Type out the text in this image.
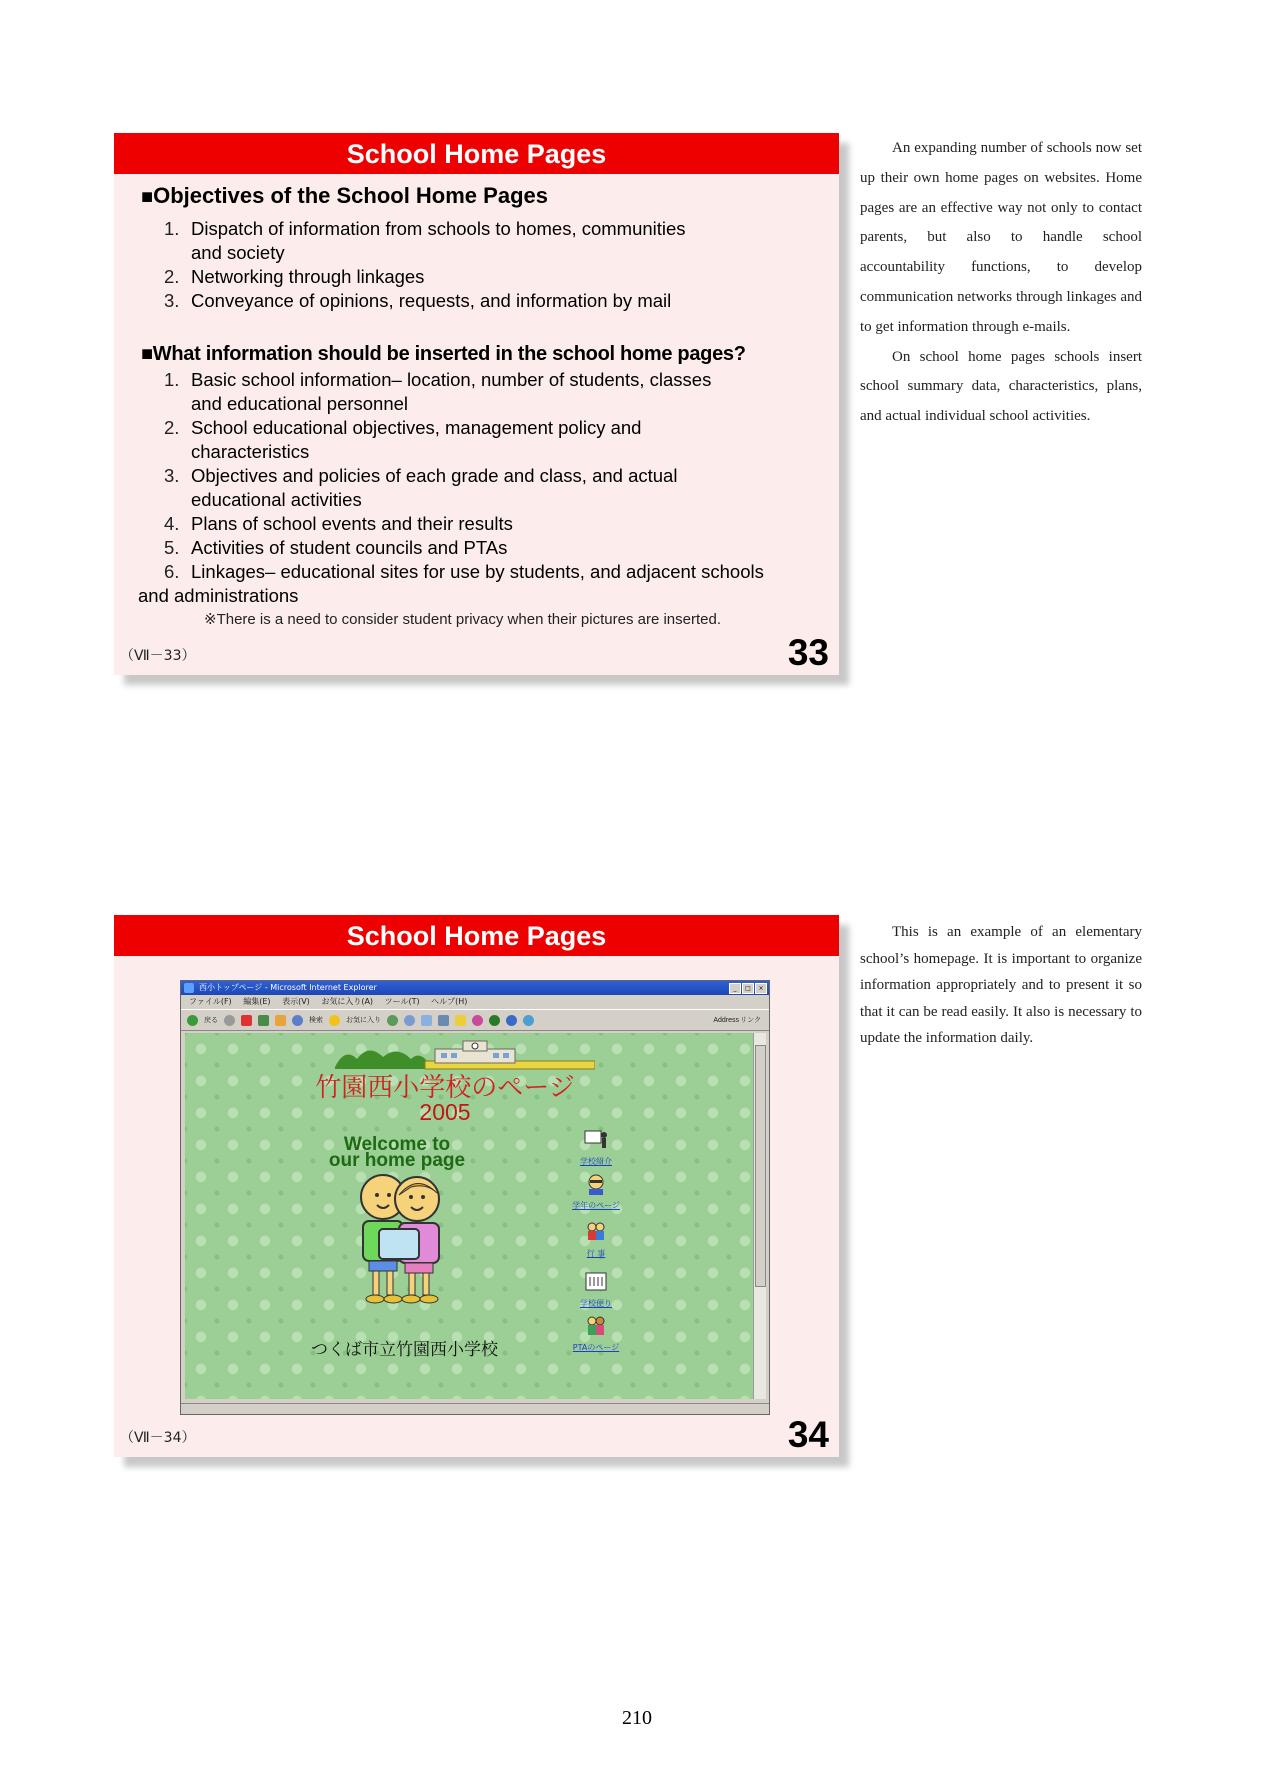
School Home Pages
■Objectives of the School Home Pages
1. Dispatch of information from schools to homes, communities
and society
2. Networking through linkages
3. Conveyance of opinions, requests, and information by mail
■What information should be inserted in the school home pages?
1. Basic school information– location, number of students, classes
and educational personnel
2. School educational objectives, management policy and
characteristics
3. Objectives and policies of each grade and class, and actual
educational activities
4. Plans of school events and their results
5. Activities of student councils and PTAs
6. Linkages– educational sites for use by students, and adjacent schools
and administrations
※There is a need to consider student privacy when their pictures are inserted.
（Ⅶ－33）	33

An expanding number of schools now set up their own home pages on websites. Home pages are an effective way not only to contact parents, but also to handle school accountability functions, to develop communication networks through linkages and to get information through e-mails.

On school home pages schools insert school summary data, characteristics, plans, and actual individual school activities.

School Home Pages
西小トップページ - Microsoft Internet Explorer	_	□	×
ファイル(F) 編集(E) 表示(V) お気に入り(A) ツール(T) ヘルプ(H)
戻る	検索	お気に入り	Address リンク
竹園西小学校のページ
2005
Welcome to
our home page
つくば市立竹園西小学校
学校紹介
学年のページ
行 事
学校便り
PTAのページ
（Ⅶ－34）	34

This is an example of an elementary school’s homepage. It is important to organize information appropriately and to present it so that it can be read easily. It also is necessary to update the information daily.

210
